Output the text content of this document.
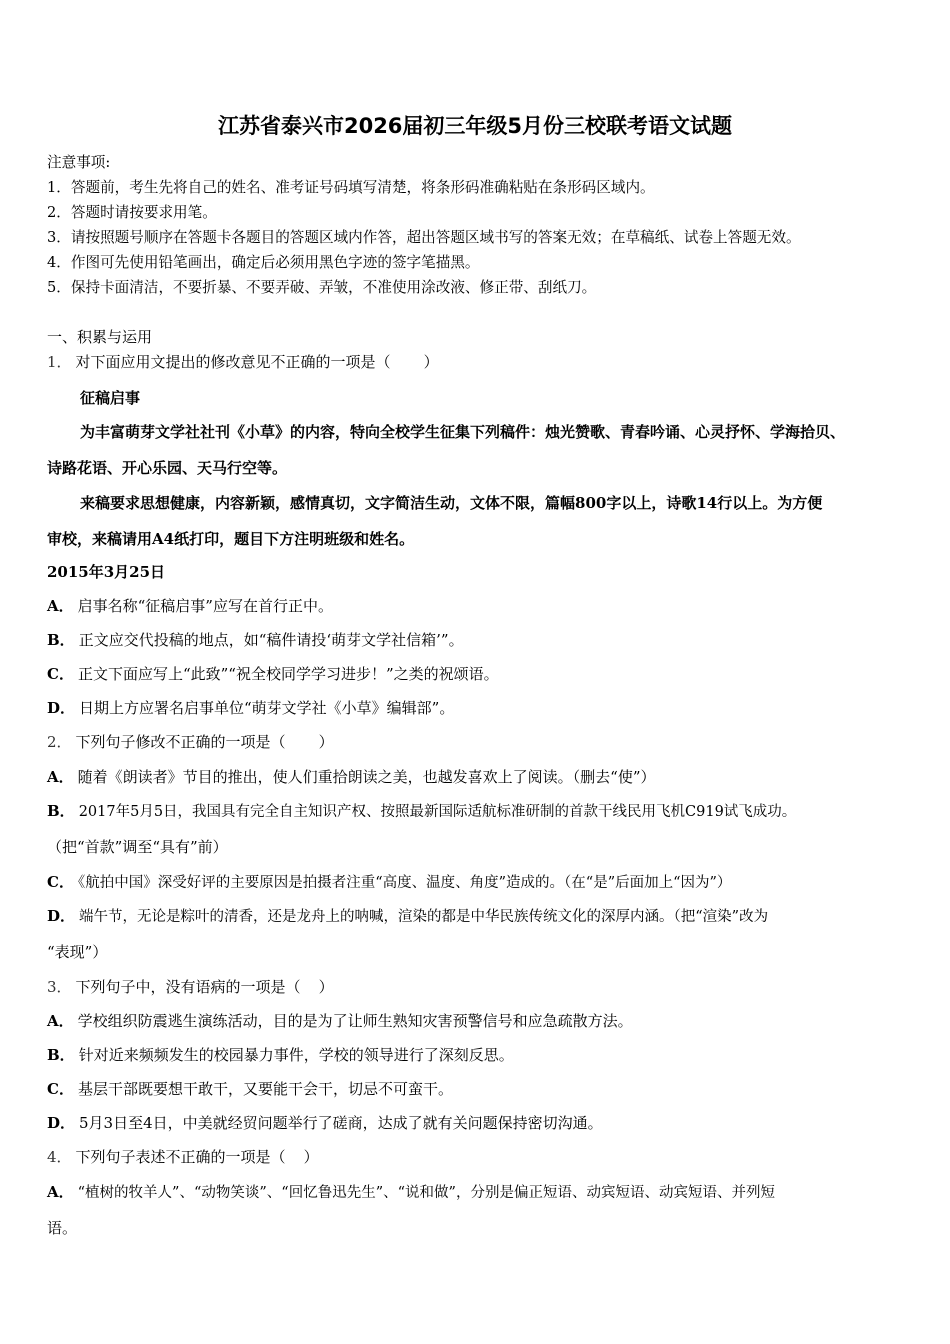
江苏省泰兴市2026届初三年级5月份三校联考语文试题
注意事项:
1．答题前，考生先将自己的姓名、准考证号码填写清楚，将条形码准确粘贴在条形码区域内。
2．答题时请按要求用笔。
3．请按照题号顺序在答题卡各题目的答题区域内作答，超出答题区域书写的答案无效；在草稿纸、试卷上答题无效。
4．作图可先使用铅笔画出，确定后必须用黑色字迹的签字笔描黑。
5．保持卡面清洁，不要折暴、不要弄破、弄皱，不准使用涂改液、修正带、刮纸刀。
一、积累与运用
1． 对下面应用文提出的修改意见不正确的一项是（ ）
征稿启事
为丰富萌芽文学社社刊《小草》的内容，特向全校学生征集下列稿件：烛光赞歌、青春吟诵、心灵抒怀、学海拾贝、
诗路花语、开心乐园、天马行空等。
来稿要求思想健康，内容新颖，感情真切，文字简洁生动，文体不限，篇幅800字以上，诗歌14行以上。为方便
审校，来稿请用A4纸打印，题目下方注明班级和姓名。
2015年3月25日
A． 启事名称“征稿启事”应写在首行正中。
B． 正文应交代投稿的地点，如“稿件请投‘萌芽文学社信箱’”。
C． 正文下面应写上“此致”“祝全校同学学习进步！”之类的祝颂语。
D． 日期上方应署名启事单位“萌芽文学社《小草》编辑部”。
2． 下列句子修改不正确的一项是（ ）
A． 随着《朗读者》节目的推出，使人们重拾朗读之美，也越发喜欢上了阅读。（删去“使”）
B． 2017年5月5日，我国具有完全自主知识产权、按照最新国际适航标准研制的首款干线民用飞机C919试飞成功。
（把“首款”调至“具有”前）
C． 《航拍中国》深受好评的主要原因是拍摄者注重“高度、温度、角度”造成的。（在“是”后面加上“因为”）
D． 端午节，无论是粽叶的清香，还是龙舟上的呐喊，渲染的都是中华民族传统文化的深厚内涵。（把“渲染”改为
“表现”）
3． 下列句子中，没有语病的一项是（ ）
A． 学校组织防震逃生演练活动，目的是为了让师生熟知灾害预警信号和应急疏散方法。
B． 针对近来频频发生的校园暴力事件，学校的领导进行了深刻反思。
C． 基层干部既要想干敢干，又要能干会干，切忌不可蛮干。
D． 5月3日至4日，中美就经贸问题举行了磋商，达成了就有关问题保持密切沟通。
4． 下列句子表述不正确的一项是（ ）
A． “植树的牧羊人”、“动物笑谈”、“回忆鲁迅先生”、“说和做”，分别是偏正短语、动宾短语、动宾短语、并列短
语。
